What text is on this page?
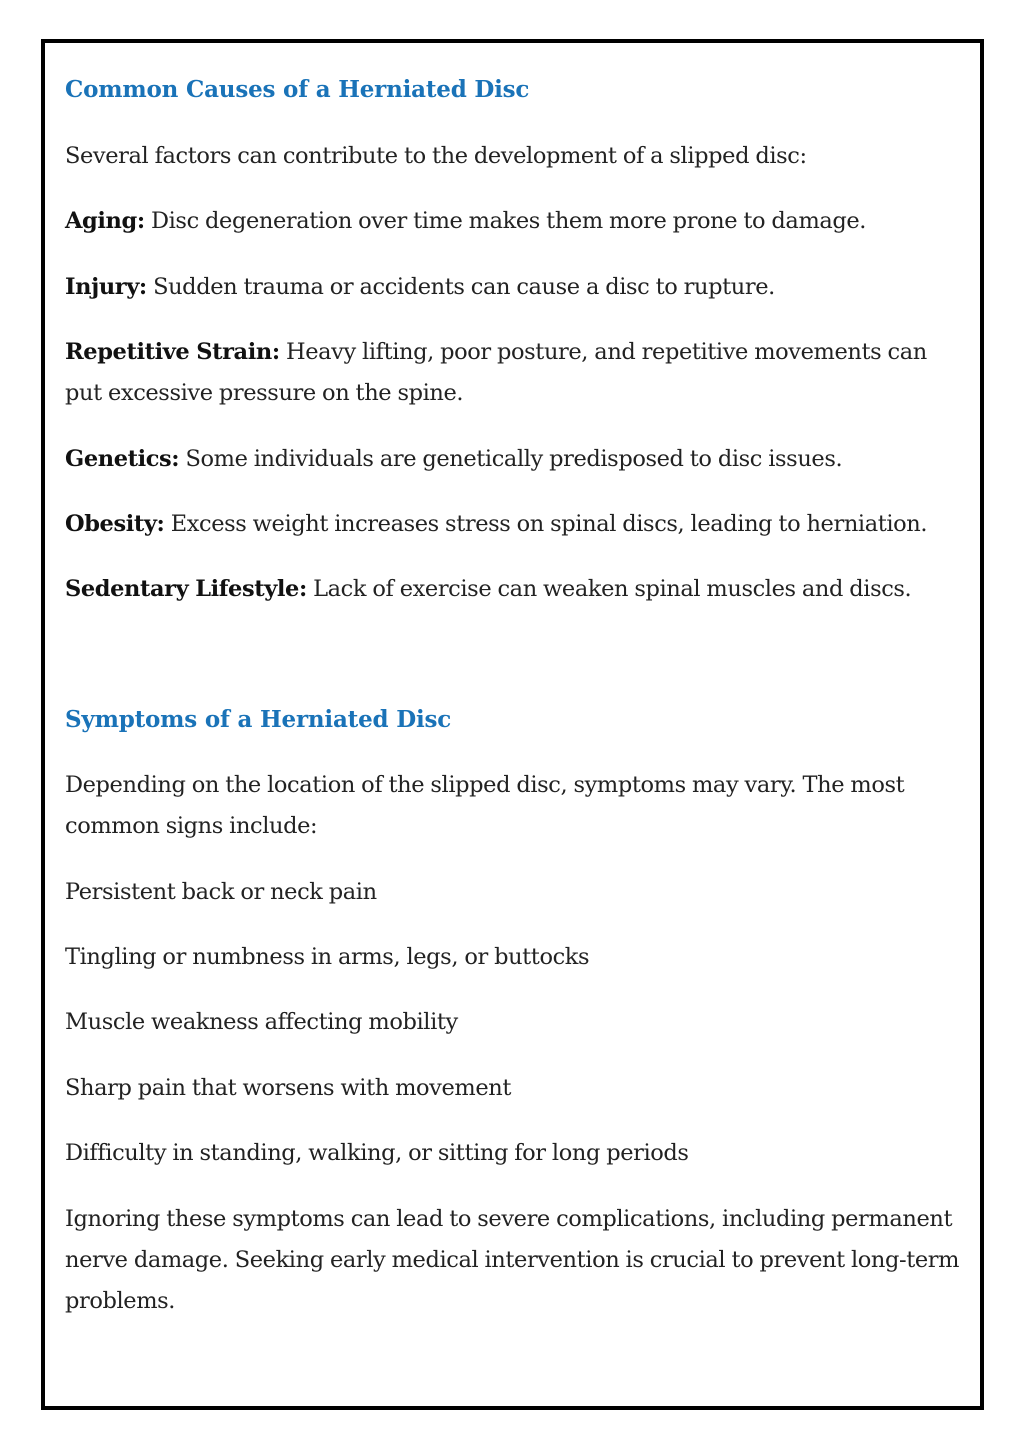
Common Causes of a Herniated Disc

Several factors can contribute to the development of a slipped disc:

Aging: Disc degeneration over time makes them more prone to damage.

Injury: Sudden trauma or accidents can cause a disc to rupture.

Repetitive Strain: Heavy lifting, poor posture, and repetitive movements can put excessive pressure on the spine.

Genetics: Some individuals are genetically predisposed to disc issues.

Obesity: Excess weight increases stress on spinal discs, leading to herniation.

Sedentary Lifestyle: Lack of exercise can weaken spinal muscles and discs.

Symptoms of a Herniated Disc

Depending on the location of the slipped disc, symptoms may vary. The most common signs include:

Persistent back or neck pain

Tingling or numbness in arms, legs, or buttocks

Muscle weakness affecting mobility

Sharp pain that worsens with movement

Difficulty in standing, walking, or sitting for long periods

Ignoring these symptoms can lead to severe complications, including permanent nerve damage. Seeking early medical intervention is crucial to prevent long-term problems.
